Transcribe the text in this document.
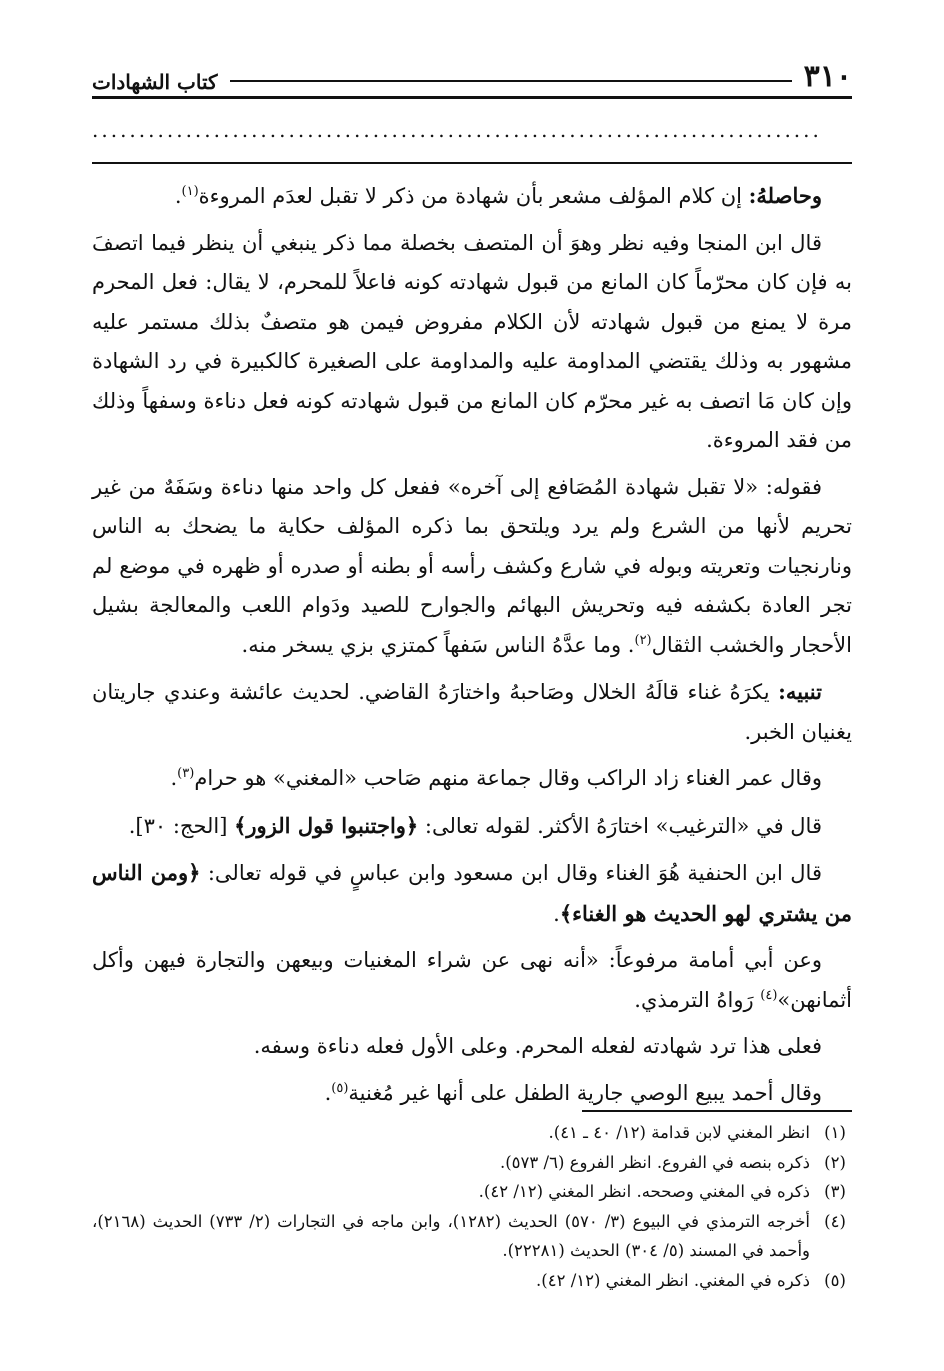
٣١٠
كتاب الشهادات
..............................................................................

وحاصلهُ: إن كلام المؤلف مشعر بأن شهادة من ذكر لا تقبل لعدَم المروءة$^{(١)}$.

قال ابن المنجا وفيه نظر وهوَ أن المتصف بخصلة مما ذكر ينبغي أن ينظر فيما اتصفَ به فإن كان محرّماً كان المانع من قبول شهادته كونه فاعلاً للمحرم، لا يقال: فعل المحرم مرة لا يمنع من قبول شهادته لأن الكلام مفروض فيمن هو متصفٌ بذلك مستمر عليه مشهور به وذلك يقتضي المداومة عليه والمداومة على الصغيرة كالكبيرة في رد الشهادة وإن كان مَا اتصف به غير محرّم كان المانع من قبول شهادته كونه فعل دناءة وسفهاً وذلك من فقد المروءة.

فقوله: «لا تقبل شهادة المُصَافع إلى آخره» ففعل كل واحد منها دناءة وسَفَهٌ من غير تحريم لأنها من الشرع ولم يرد ويلتحق بما ذكره المؤلف حكاية ما يضحك به الناس ونارنجيات وتعريته وبوله في شارع وكشف رأسه أو بطنه أو صدره أو ظهره في موضع لم تجر العادة بكشفه فيه وتحريش البهائم والجوارح للصيد ودَوام اللعب والمعالجة بشيل الأحجار والخشب الثقال$^{(٢)}$. وما عدَّهُ الناس سَفهاً كمتزي بزي يسخر منه.

تنبيه: يكرَهُ غناء قالَهُ الخلال وصَاحبهُ واختارَهُ القاضي. لحديث عائشة وعندي جاريتان يغنيان الخبر.

وقال عمر الغناء زاد الراكب وقال جماعة منهم صَاحب «المغني» هو حرام$^{(٣)}$.

قال في «الترغيب» اختارَهُ الأكثر. لقوله تعالى: ﴿واجتنبوا قول الزور﴾ [الحج: ٣٠].

قال ابن الحنفية هُوَ الغناء وقال ابن مسعود وابن عباسٍ في قوله تعالى: ﴿ومن الناس من يشتري لهو الحديث هو الغناء﴾.

وعن أبي أمامة مرفوعاً: «أنه نهى عن شراء المغنيات وبيعهن والتجارة فيهن وأكل أثمانهن»$^{(٤)}$ رَواهُ الترمذي.

فعلى هذا ترد شهادته لفعله المحرم. وعلى الأول فعله دناءة وسفه.

وقال أحمد يبيع الوصي جارية الطفل على أنها غير مُغنية$^{(٥)}$.

(١)
انظر المغني لابن قدامة (١٢/ ٤٠ ـ ٤١).
(٢)
ذكره بنصه في الفروع. انظر الفروع (٦/ ٥٧٣).
(٣)
ذكره في المغني وصححه. انظر المغني (١٢/ ٤٢).
(٤)
أخرجه الترمذي في البيوع (٣/ ٥٧٠) الحديث (١٢٨٢)، وابن ماجه في التجارات (٢/ ٧٣٣) الحديث (٢١٦٨)، وأحمد في المسند (٥/ ٣٠٤) الحديث (٢٢٢٨١).
(٥)
ذكره في المغني. انظر المغني (١٢/ ٤٢).
